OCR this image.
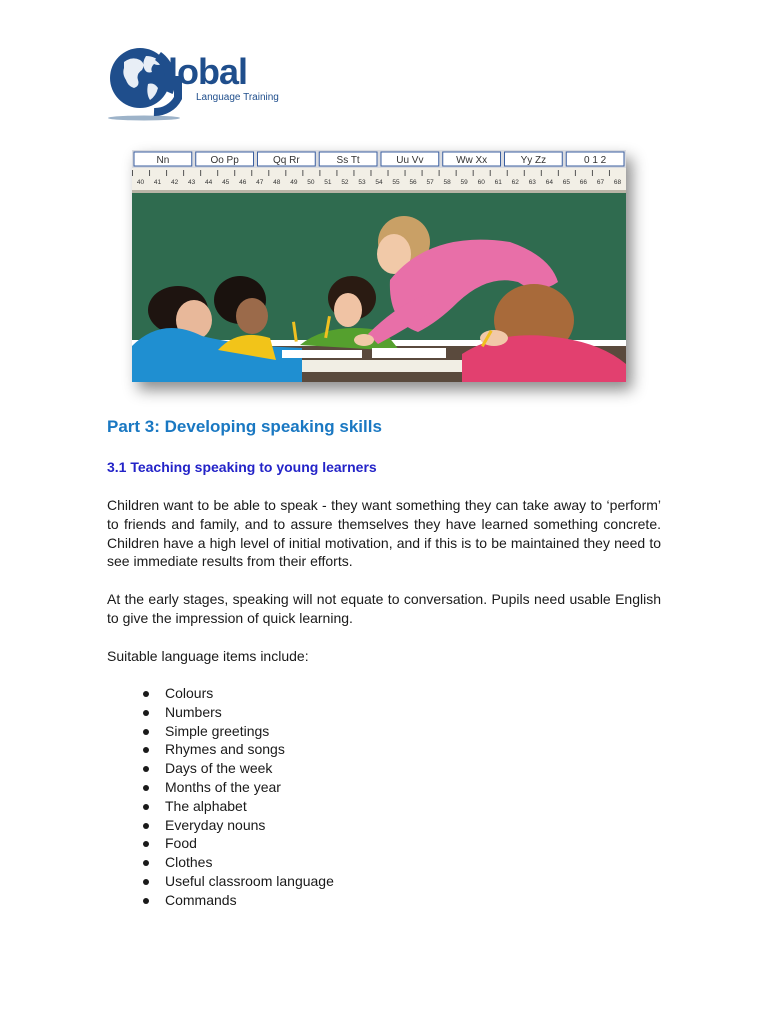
lobal
Language Training
Nn	Oo Pp	Qq Rr	Ss Tt	Uu Vv	Ww Xx	Yy Zz	0 1 2
40 41 42 43 44 45 46 47 48 49 50 51 52 53 54 55 56 57 58 59 60 61 62 63 64 65 66 67 68
Part 3: Developing speaking skills
3.1 Teaching speaking to young learners

Children want to be able to speak - they want something they can take away to ‘perform’ to friends and family, and to assure themselves they have learned something concrete. Children have a high level of initial motivation, and if this is to be maintained they need to see immediate results from their efforts.

At the early stages, speaking will not equate to conversation. Pupils need usable English to give the impression of quick learning.

Suitable language items include:

Colours
Numbers
Simple greetings
Rhymes and songs
Days of the week
Months of the year
The alphabet
Everyday nouns
Food
Clothes
Useful classroom language
Commands
